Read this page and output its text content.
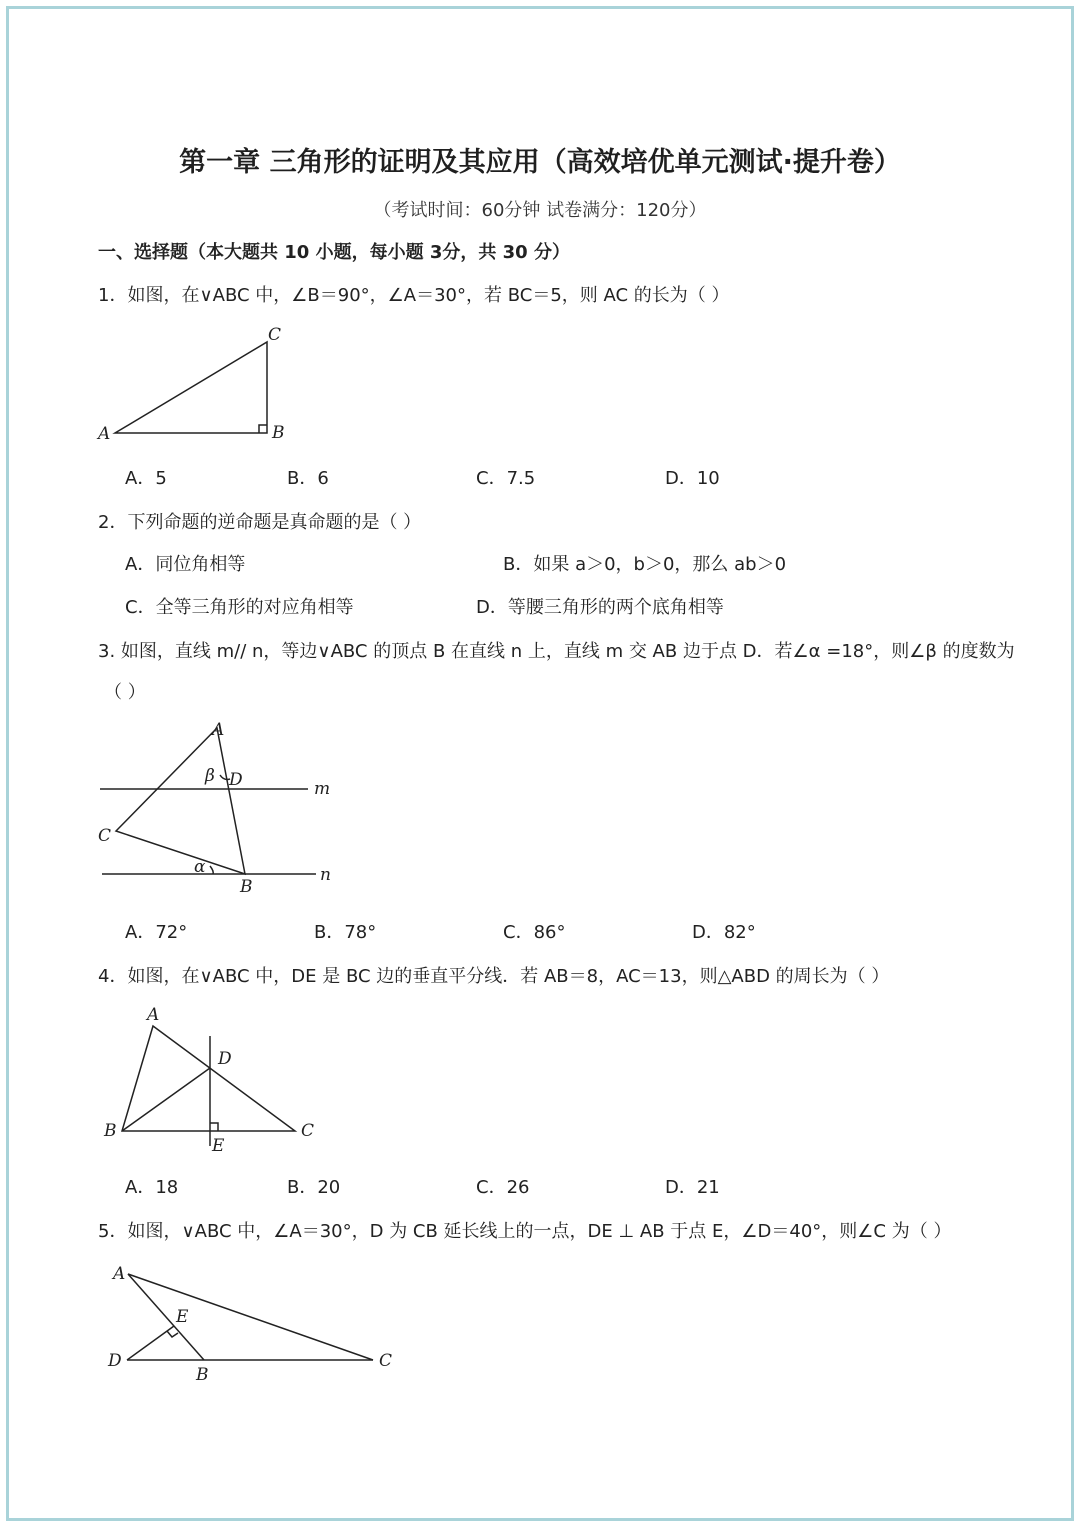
第一章 三角形的证明及其应用（高效培优单元测试·提升卷）
（考试时间：60分钟 试卷满分：120分）
一、选择题（本大题共 10 小题，每小题 3分，共 30 分）
1．如图，在∨ABC 中，∠B＝90°，∠A＝30°，若 BC＝5，则 AC 的长为（ ）
A	B
C
A．5	B．6	C．7.5	D．10
2．下列命题的逆命题是真命题的是（ ）
A．同位角相等	B．如果 a＞0，b＞0，那么 ab＞0
C．全等三角形的对应角相等	D．等腰三角形的两个底角相等
3. 如图，直线 m// n，等边∨ABC 的顶点 B 在直线 n 上，直线 m 交 AB 边于点 D．若∠α =18°，则∠β 的度数为
（ ）
A
C
B
D	m
n
β
α
A．72°	B．78°	C．86°	D．82°
4．如图，在∨ABC 中，DE 是 BC 边的垂直平分线．若 AB＝8，AC＝13，则△ABD 的周长为（ ）
A
B	C
D
E
A．18	B．20	C．26	D．21
5．如图，∨ABC 中，∠A＝30°，D 为 CB 延长线上的一点，DE ⊥ AB 于点 E，∠D＝40°，则∠C 为（ ）
A
D
B
C
E
